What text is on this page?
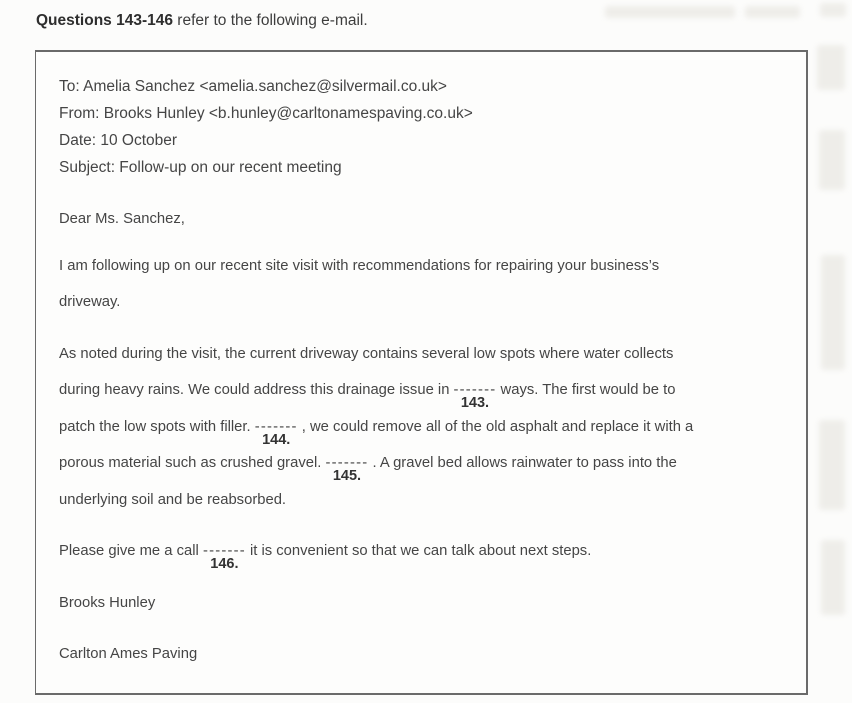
Questions 143-146 refer to the following e-mail.
To: Amelia Sanchez <amelia.sanchez@silvermail.co.uk>
From: Brooks Hunley <b.hunley@carltonamespaving.co.uk>
Date: 10 October
Subject: Follow-up on our recent meeting
Dear Ms. Sanchez,
I am following up on our recent site visit with recommendations for repairing your business’s
driveway.
As noted during the visit, the current driveway contains several low spots where water collects
during heavy rains. We could address this drainage issue in -------
143.
ways. The first would be to
patch the low spots with filler. -------
144.
, we could remove all of the old asphalt and replace it with a
porous material such as crushed gravel. -------
145.
. A gravel bed allows rainwater to pass into the
underlying soil and be reabsorbed.
Please give me a call -------
146.
it is convenient so that we can talk about next steps.
Brooks Hunley
Carlton Ames Paving
